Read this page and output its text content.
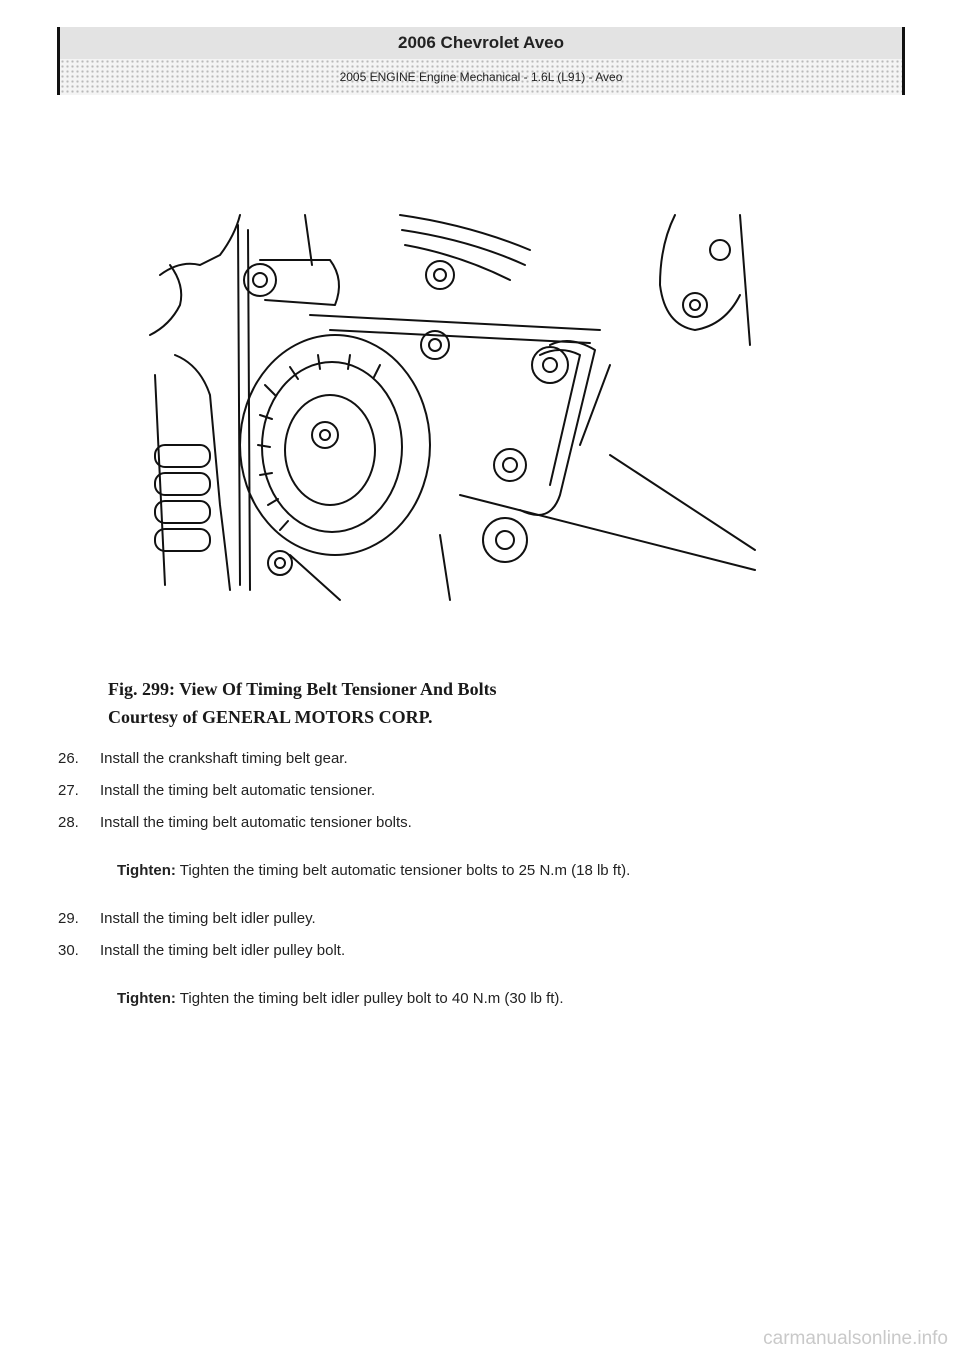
2006 Chevrolet Aveo
2005 ENGINE Engine Mechanical - 1.6L (L91) - Aveo
Fig. 299: View Of Timing Belt Tensioner And Bolts
Courtesy of GENERAL MOTORS CORP.
26. Install the crankshaft timing belt gear.
27. Install the timing belt automatic tensioner.
28. Install the timing belt automatic tensioner bolts.
Tighten: Tighten the timing belt automatic tensioner bolts to 25 N.m (18 lb ft).
29. Install the timing belt idler pulley.
30. Install the timing belt idler pulley bolt.
Tighten: Tighten the timing belt idler pulley bolt to 40 N.m (30 lb ft).
carmanualsonline.info
